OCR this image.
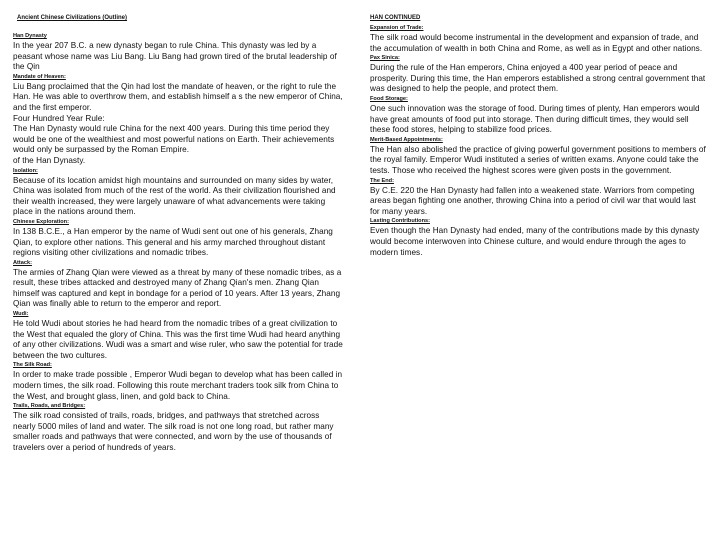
Ancient Chinese Civilizations (Outline)
Han Dynasty
In the year 207 B.C. a new dynasty began to rule China. This dynasty was led by a peasant whose name was Liu Bang. Liu Bang had grown tired of the brutal leadership of the Qin
Mandate of Heaven:
Liu Bang proclaimed that the Qin had lost the mandate of heaven, or the right to rule the Han. He was able to overthrow them, and establish himself a s the new emperor of China, and the first emperor.
Four Hundred Year Rule:
The Han Dynasty would rule China for the next 400 years. During this time period they would be one of the wealthiest and most powerful nations on Earth. Their achievements would only be surpassed by the Roman Empire.
of the Han Dynasty.
Isolation:
Because of its location amidst high mountains and surrounded on many sides by water, China was isolated from much of the rest of the world. As their civilization flourished and their wealth increased, they were largely unaware of what advancements were taking place in the nations around them.
Chinese Exploration:
In 138 B.C.E., a Han emperor by the name of Wudi sent out one of his generals, Zhang Qian, to explore other nations. This general and his army marched throughout distant regions visiting other civilizations and nomadic tribes.
Attack:
The armies of Zhang Qian were viewed as a threat by many of these nomadic tribes, as a result, these tribes attacked and destroyed many of Zhang Qian's men. Zhang Qian himself was captured and kept in bondage for a period of 10 years. After 13 years, Zhang Qian was finally able to return to the emperor and report.
Wudi:
He told Wudi about stories he had heard from the nomadic tribes of a great civilization to the West that equaled the glory of China. This was the first time Wudi had heard anything of any other civilizations. Wudi was a smart and wise ruler, who saw the potential for trade between the two cultures.
The Silk Road:
In order to make trade possible , Emperor Wudi began to develop what has been called in modern times, the silk road. Following this route merchant traders took silk from China to the West, and brought glass, linen, and gold back to China.
Trails, Roads, and Bridges:
The silk road consisted of trails, roads, bridges, and pathways that stretched across nearly 5000 miles of land and water. The silk road is not one long road, but rather many smaller roads and pathways that were connected, and worn by the use of thousands of travelers over a period of hundreds of years.
HAN CONTINUED
Expansion of Trade:
The silk road would become instrumental in the development and expansion of trade, and the accumulation of wealth in both China and Rome, as well as in Egypt and other nations.
Pax Sinica:
During the rule of the Han emperors, China enjoyed a 400 year period of peace and prosperity. During this time, the Han emperors established a strong central government that was designed to help the people, and protect them.
Food Storage:
One such innovation was the storage of food. During times of plenty, Han emperors would have great amounts of food put into storage. Then during difficult times, they would sell these food stores, helping to stabilize food prices.
Merit-Based Appointments:
The Han also abolished the practice of giving powerful government positions to members of the royal family. Emperor Wudi instituted a series of written exams. Anyone could take the tests. Those who received the highest scores were given posts in the government.
The End:
By C.E. 220 the Han Dynasty had fallen into a weakened state. Warriors from competing areas began fighting one another, throwing China into a period of civil war that would last for many years.
Lasting Contributions:
Even though the Han Dynasty had ended, many of the contributions made by this dynasty would become interwoven into Chinese culture, and would endure through the ages to modern times.
